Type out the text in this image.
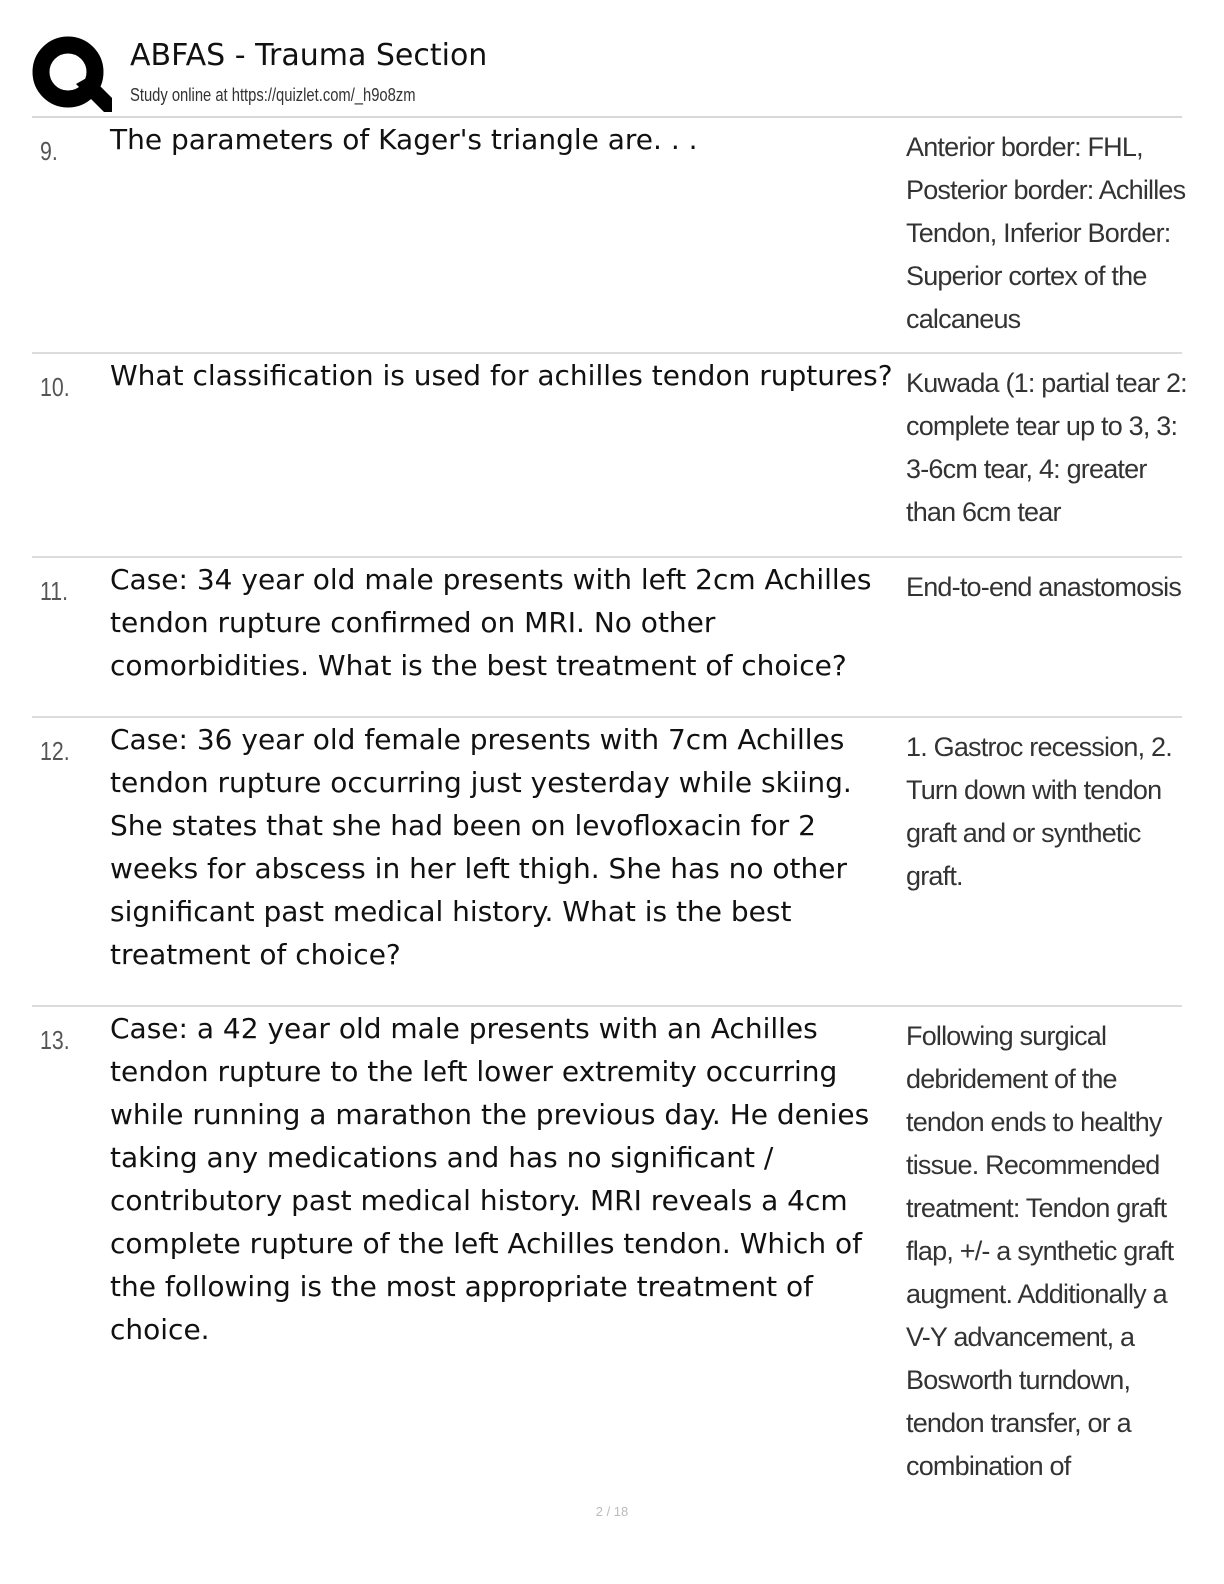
ABFAS - Trauma Section
Study online at https://quizlet.com/_h9o8zm
9. The parameters of Kager's triangle are. . .	Anterior border: FHL, Posterior border: Achilles Tendon, Inferior Border: Superior cortex of the calcaneus
10. What classification is used for achilles tendon ruptures? Kuwada (1: partial tear 2: complete tear up to 3, 3: 3-6cm tear, 4: greater than 6cm tear
11. Case: 34 year old male presents with left 2cm Achilles tendon rupture confirmed on MRI. No other comorbidities. What is the best treatment of choice?
End-to-end anastomosis
12. Case: 36 year old female presents with 7cm Achilles tendon rupture occurring just yesterday while skiing. She states that she had been on levofloxacin for 2 weeks for abscess in her left thigh. She has no other significant past medical history. What is the best treatment of choice?
1. Gastroc recession, 2. Turn down with tendon graft and or synthetic graft.
13. Case: a 42 year old male presents with an Achilles tendon rupture to the left lower extremity occurring while running a marathon the previous day. He denies taking any medications and has no significant / contributory past medical history. MRI reveals a 4cm complete rupture of the left Achilles tendon. Which of the following is the most appropriate treatment of choice.
Following surgical debridement of the tendon ends to healthy tissue. Recommended treatment: Tendon graft flap, +/- a synthetic graft augment. Additionally a V-Y advancement, a Bosworth turndown, tendon transfer, or a combination of
2 / 18
